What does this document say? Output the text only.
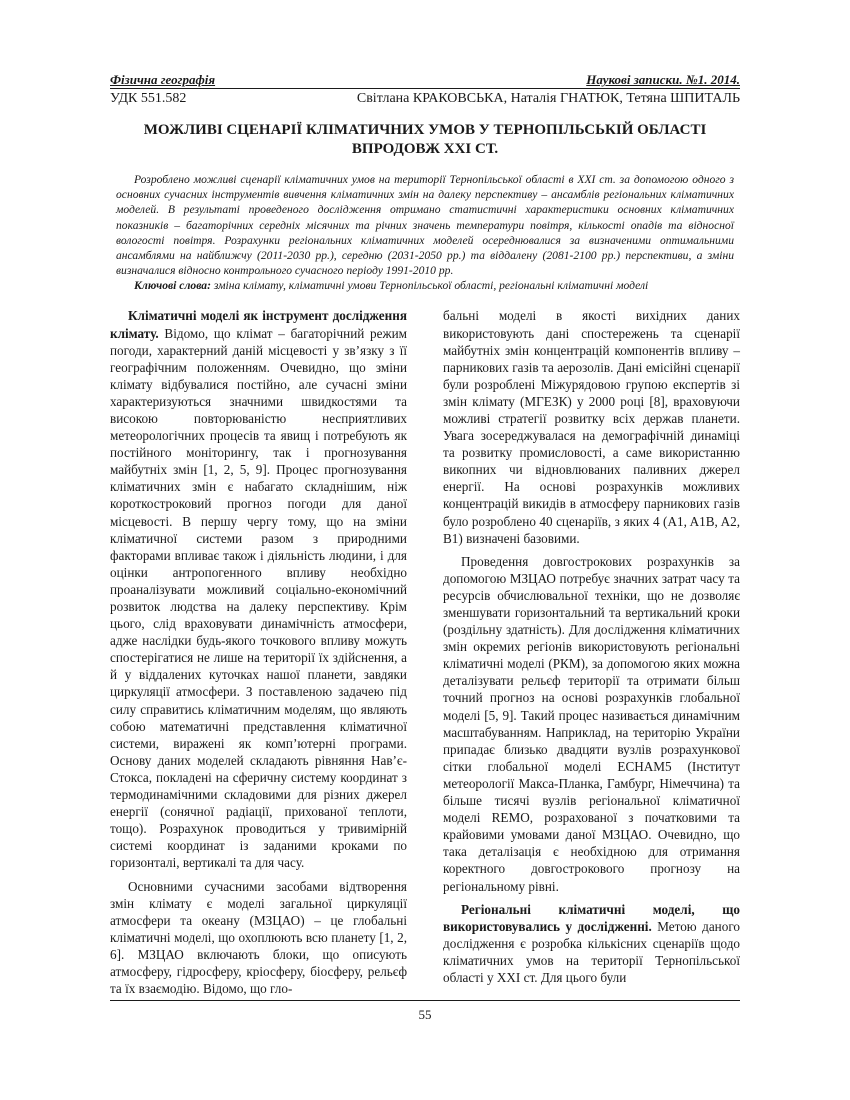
Фізична географія	Наукові записки. №1. 2014.
УДК 551.582	Світлана КРАКОВСЬКА, Наталія ГНАТЮК, Тетяна ШПИТАЛЬ
МОЖЛИВІ СЦЕНАРІЇ КЛІМАТИЧНИХ УМОВ У ТЕРНОПІЛЬСЬКІЙ ОБЛАСТІ
ВПРОДОВЖ ХХІ СТ.

Розроблено можливі сценарії кліматичних умов на території Тернопільської області в ХХІ ст. за допомогою одного з основних сучасних інструментів вивчення кліматичних змін на далеку перспективу – ансамблів регіональних кліматичних моделей. В результаті проведеного дослідження отримано статистичні характеристики основних кліматичних показників – багаторічних середніх місячних та річних значень температури повітря, кількості опадів та відносної вологості повітря. Розрахунки регіональних кліматичних моделей осереднювалися за визначеними оптимальними ансамблями на найближчу (2011-2030 рр.), середню (2031-2050 рр.) та віддалену (2081-2100 рр.) перспективи, а зміни визначалися відносно контрольного сучасного періоду 1991-2010 рр.

Ключові слова: зміна клімату, кліматичні умови Тернопільської області, регіональні кліматичні моделі

Кліматичні моделі як інструмент дослідження клімату. Відомо, що клімат – багаторічний режим погоди, характерний даній місцевості у зв’язку з її географічним положенням. Очевидно, що зміни клімату відбувалися постійно, але сучасні зміни характеризуються значними швидкостями та високою повторюваністю несприятливих метеорологічних процесів та явищ і потребують як постійного моніторингу, так і прогнозування майбутніх змін [1, 2, 5, 9]. Процес прогнозування кліматичних змін є набагато складнішим, ніж короткостроковий прогноз погоди для даної місцевості. В першу чергу тому, що на зміни кліматичної системи разом з природними факторами впливає також і діяльність людини, і для оцінки антропогенного впливу необхідно проаналізувати можливий соціально-економічний розвиток людства на далеку перспективу. Крім цього, слід враховувати динамічність атмосфери, адже наслідки будь-якого точкового впливу можуть спостерігатися не лише на території їх здійснення, а й у віддалених куточках нашої планети, завдяки циркуляції атмосфери. З поставленою задачею під силу справитись кліматичним моделям, що являють собою математичні представлення кліматичної системи, виражені як комп’ютерні програми. Основу даних моделей складають рівняння Нав’є-Стокса, покладені на сферичну систему координат з термодинамічними складовими для різних джерел енергії (сонячної радіації, прихованої теплоти, тощо). Розрахунок проводиться у тривимірній системі координат із заданими кроками по горизонталі, вертикалі та для часу.

Основними сучасними засобами відтворення змін клімату є моделі загальної циркуляції атмосфери та океану (МЗЦАО) – це глобальні кліматичні моделі, що охоплюють всю планету [1, 2, 6]. МЗЦАО включають блоки, що описують атмосферу, гідросферу, кріосферу, біосферу, рельєф та їх взаємодію. Відомо, що гло-

бальні моделі в якості вихідних даних використовують дані спостережень та сценарії майбутніх змін концентрацій компонентів впливу – парникових газів та аерозолів. Дані емісійні сценарії були розроблені Міжурядовою групою експертів зі змін клімату (МГЕЗК) у 2000 році [8], враховуючи можливі стратегії розвитку всіх держав планети. Увага зосереджувалася на демографічній динаміці та розвитку промисловості, а саме використанню викопних чи відновлюваних паливних джерел енергії. На основі розрахунків можливих концентрацій викидів в атмосферу парникових газів було розроблено 40 сценаріїв, з яких 4 (A1, A1B, A2, B1) визначені базовими.

Проведення довгострокових розрахунків за допомогою МЗЦАО потребує значних затрат часу та ресурсів обчислювальної техніки, що не дозволяє зменшувати горизонтальний та вертикальний кроки (роздільну здатність). Для дослідження кліматичних змін окремих регіонів використовують регіональні кліматичні моделі (РКМ), за допомогою яких можна деталізувати рельєф території та отримати більш точний прогноз на основі розрахунків глобальної моделі [5, 9]. Такий процес називається динамічним масштабуванням. Наприклад, на територію України припадає близько двадцяти вузлів розрахункової сітки глобальної моделі ECHAM5 (Інститут метеорології Макса-Планка, Гамбург, Німеччина) та більше тисячі вузлів регіональної кліматичної моделі REMO, розрахованої з початковими та крайовими умовами даної МЗЦАО. Очевидно, що така деталізація є необхідною для отримання коректного довгострокового прогнозу на регіональному рівні.

Регіональні кліматичні моделі, що використовувались у дослідженні. Метою даного дослідження є розробка кількісних сценаріїв щодо кліматичних умов на території Тернопільської області у ХХІ ст. Для цього були

55
